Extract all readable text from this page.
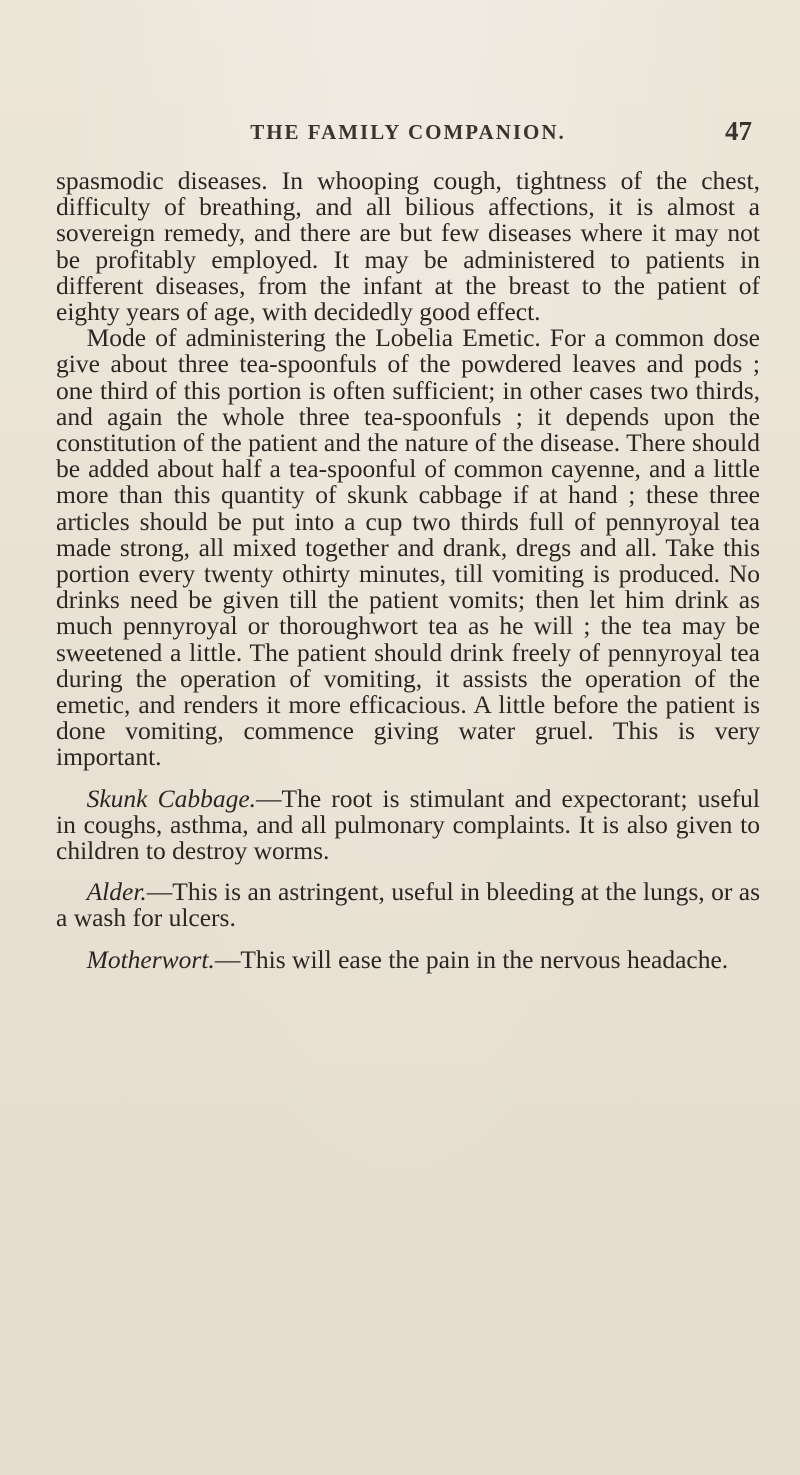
THE FAMILY COMPANION.	47

spasmodic diseases. In whooping cough, tightness of the chest, difficulty of breathing, and all bilious affections, it is almost a sovereign remedy, and there are but few diseases where it may not be profitably employed. It may be administered to patients in different diseases, from the infant at the breast to the patient of eighty years of age, with decidedly good effect.

Mode of administering the Lobelia Emetic. For a common dose give about three tea-spoonfuls of the powdered leaves and pods ; one third of this portion is often sufficient; in other cases two thirds, and again the whole three tea-spoonfuls ; it depends upon the constitution of the patient and the nature of the disease. There should be added about half a tea-spoonful of common cayenne, and a little more than this quantity of skunk cabbage if at hand ; these three articles should be put into a cup two thirds full of pennyroyal tea made strong, all mixed together and drank, dregs and all. Take this portion every twenty othirty minutes, till vomiting is produced. No drinks need be given till the patient vomits; then let him drink as much pennyroyal or thoroughwort tea as he will ; the tea may be sweetened a little. The patient should drink freely of pennyroyal tea during the operation of vomiting, it assists the operation of the emetic, and renders it more efficacious. A little before the patient is done vomiting, commence giving water gruel. This is very important.

Skunk Cabbage.—The root is stimulant and expectorant; useful in coughs, asthma, and all pulmonary complaints. It is also given to children to destroy worms.

Alder.—This is an astringent, useful in bleeding at the lungs, or as a wash for ulcers.

Motherwort.—This will ease the pain in the nervous headache.
